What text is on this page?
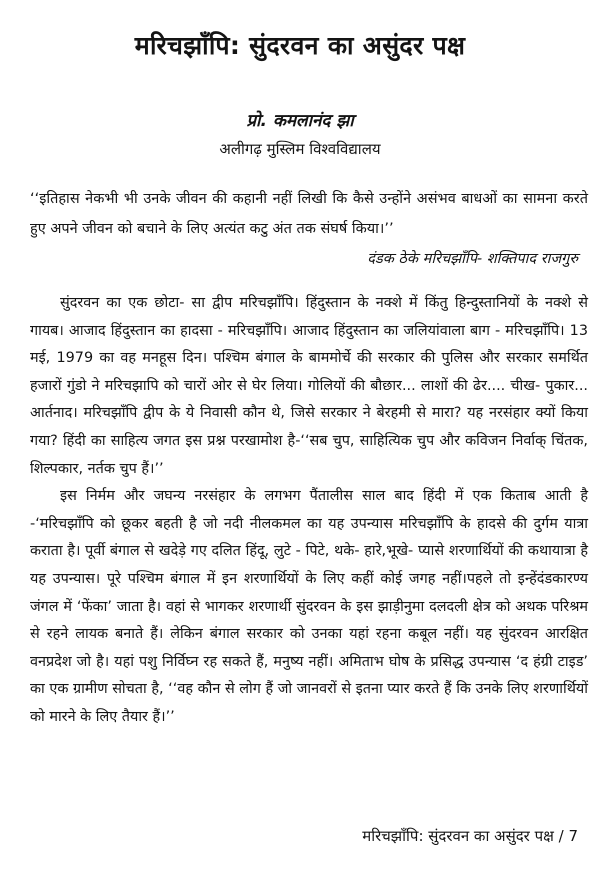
मरिचझाँपि: सुंदरवन का असुंदर पक्ष
प्रो. कमलानंद झा
अलीगढ़ मुस्लिम विश्वविद्यालय

‘‘इतिहास नेकभी भी उनके जीवन की कहानी नहीं लिखी कि कैसे उन्होंने असंभव बाधओं का सामना करते हुए अपने जीवन को बचाने के लिए अत्यंत कटु अंत तक संघर्ष किया।’’

दंडक ठेके मरिचझाँपि- शक्तिपाद राजगुरु

सुंदरवन का एक छोटा- सा द्वीप मरिचझाँपि। हिंदुस्तान के नक्शे में किंतु हिन्दुस्तानियों के नक्शे से गायब। आजाद हिंदुस्तान का हादसा - मरिचझाँपि। आजाद हिंदुस्तान का जलियांवाला बाग - मरिचझाँपि। 13 मई, 1979 का वह मनहूस दिन। पश्चिम बंगाल के बाममोर्चे की सरकार की पुलिस और सरकार समर्थित हजारों गुंडो ने मरिचझापि को चारों ओर से घेर लिया। गोलियों की बौछार... लाशों की ढेर.... चीख- पुकार... आर्तनाद। मरिचझाँपि द्वीप के ये निवासी कौन थे, जिसे सरकार ने बेरहमी से मारा? यह नरसंहार क्यों किया गया? हिंदी का साहित्य जगत इस प्रश्न परखामोश है-‘‘सब चुप, साहित्यिक चुप और कविजन निर्वाक्‌ चिंतक, शिल्पकार, नर्तक चुप हैं।’’

इस निर्मम और जघन्य नरसंहार के लगभग पैंतालीस साल बाद हिंदी में एक किताब आती है -‘मरिचझाँपि को छूकर बहती है जो नदी नीलकमल का यह उपन्यास मरिचझाँपि के हादसे की दुर्गम यात्रा कराता है। पूर्वी बंगाल से खदेड़े गए दलित हिंदू, लुटे - पिटे, थके- हारे,भूखे- प्यासे शरणार्थियों की कथायात्रा है यह उपन्यास। पूरे पश्चिम बंगाल में इन शरणार्थियों के लिए कहीं कोई जगह नहीं।पहले तो इन्हेंदंडकारण्य जंगल में ‘फेंका’ जाता है। वहां से भागकर शरणार्थी सुंदरवन के इस झाड़ीनुमा दलदली क्षेत्र को अथक परिश्रम से रहने लायक बनाते हैं। लेकिन बंगाल सरकार को उनका यहां रहना कबूल नहीं। यह सुंदरवन आरक्षित वनप्रदेश जो है। यहां पशु निर्विघ्न रह सकते हैं, मनुष्य नहीं। अमिताभ घोष के प्रसिद्ध उपन्यास ‘द हंग्री टाइड’ का एक ग्रामीण सोचता है, ‘‘वह कौन से लोग हैं जो जानवरों से इतना प्यार करते हैं कि उनके लिए शरणार्थियों को मारने के लिए तैयार हैं।’’

मरिचझाँपि: सुंदरवन का असुंदर पक्ष / 7
